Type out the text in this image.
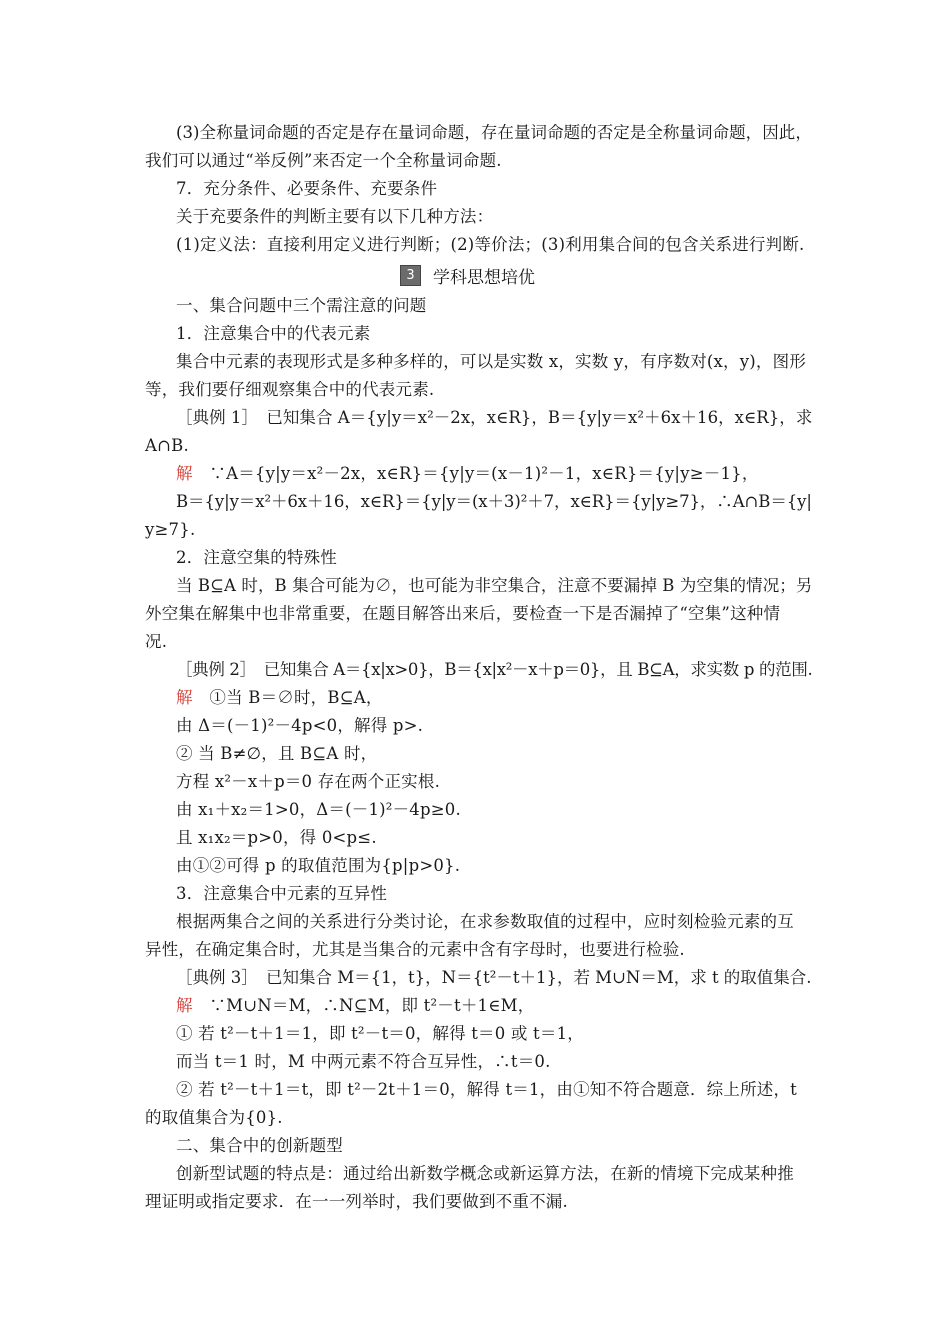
(3)全称量词命题的否定是存在量词命题，存在量词命题的否定是全称量词命题，因此，
我们可以通过“举反例”来否定一个全称量词命题.
7．充分条件、必要条件、充要条件
关于充要条件的判断主要有以下几种方法：
(1)定义法：直接利用定义进行判断；(2)等价法；(3)利用集合间的包含关系进行判断.
3	学科思想培优
一、集合问题中三个需注意的问题
1．注意集合中的代表元素
集合中元素的表现形式是多种多样的，可以是实数 x，实数 y，有序数对(x，y)，图形
等，我们要仔细观察集合中的代表元素.
［典例 1］　已知集合 A＝{y|y＝x²－2x，x∈R}，B＝{y|y＝x²＋6x＋16，x∈R}，求
A∩B.
解　 ∵A＝{y|y＝x²－2x，x∈R}＝{y|y＝(x－1)²－1，x∈R}＝{y|y≥－1}，
B＝{y|y＝x²＋6x＋16，x∈R}＝{y|y＝(x＋3)²＋7，x∈R}＝{y|y≥7}，∴A∩B＝{y|
y≥7}.
2．注意空集的特殊性
当 B⊆A 时，B 集合可能为∅，也可能为非空集合，注意不要漏掉 B 为空集的情况；另
外空集在解集中也非常重要，在题目解答出来后，要检查一下是否漏掉了“空集”这种情
况.
［典例 2］　已知集合 A＝{x|x>0}，B＝{x|x²－x＋p＝0}，且 B⊆A，求实数 p 的范围.
解　 ①当 B＝∅时，B⊆A，
由 Δ＝(－1)²－4p<0，解得 p>.
② 当 B≠∅，且 B⊆A 时，
方程 x²－x＋p＝0 存在两个正实根.
由 x₁＋x₂＝1>0，Δ＝(－1)²－4p≥0.
且 x₁x₂＝p>0，得 0<p≤.
由①②可得 p 的取值范围为{p|p>0}.
3．注意集合中元素的互异性
根据两集合之间的关系进行分类讨论，在求参数取值的过程中，应时刻检验元素的互
异性，在确定集合时，尤其是当集合的元素中含有字母时，也要进行检验.
［典例 3］　已知集合 M＝{1，t}，N＝{t²－t＋1}，若 M∪N＝M，求 t 的取值集合.
解　 ∵M∪N＝M，∴N⊆M，即 t²－t＋1∈M，
① 若 t²－t＋1＝1，即 t²－t＝0，解得 t＝0 或 t＝1，
而当 t＝1 时，M 中两元素不符合互异性，∴t＝0.
② 若 t²－t＋1＝t，即 t²－2t＋1＝0，解得 t＝1，由①知不符合题意．综上所述，t
的取值集合为{0}.
二、集合中的创新题型
创新型试题的特点是：通过给出新数学概念或新运算方法，在新的情境下完成某种推
理证明或指定要求．在一一列举时，我们要做到不重不漏.
